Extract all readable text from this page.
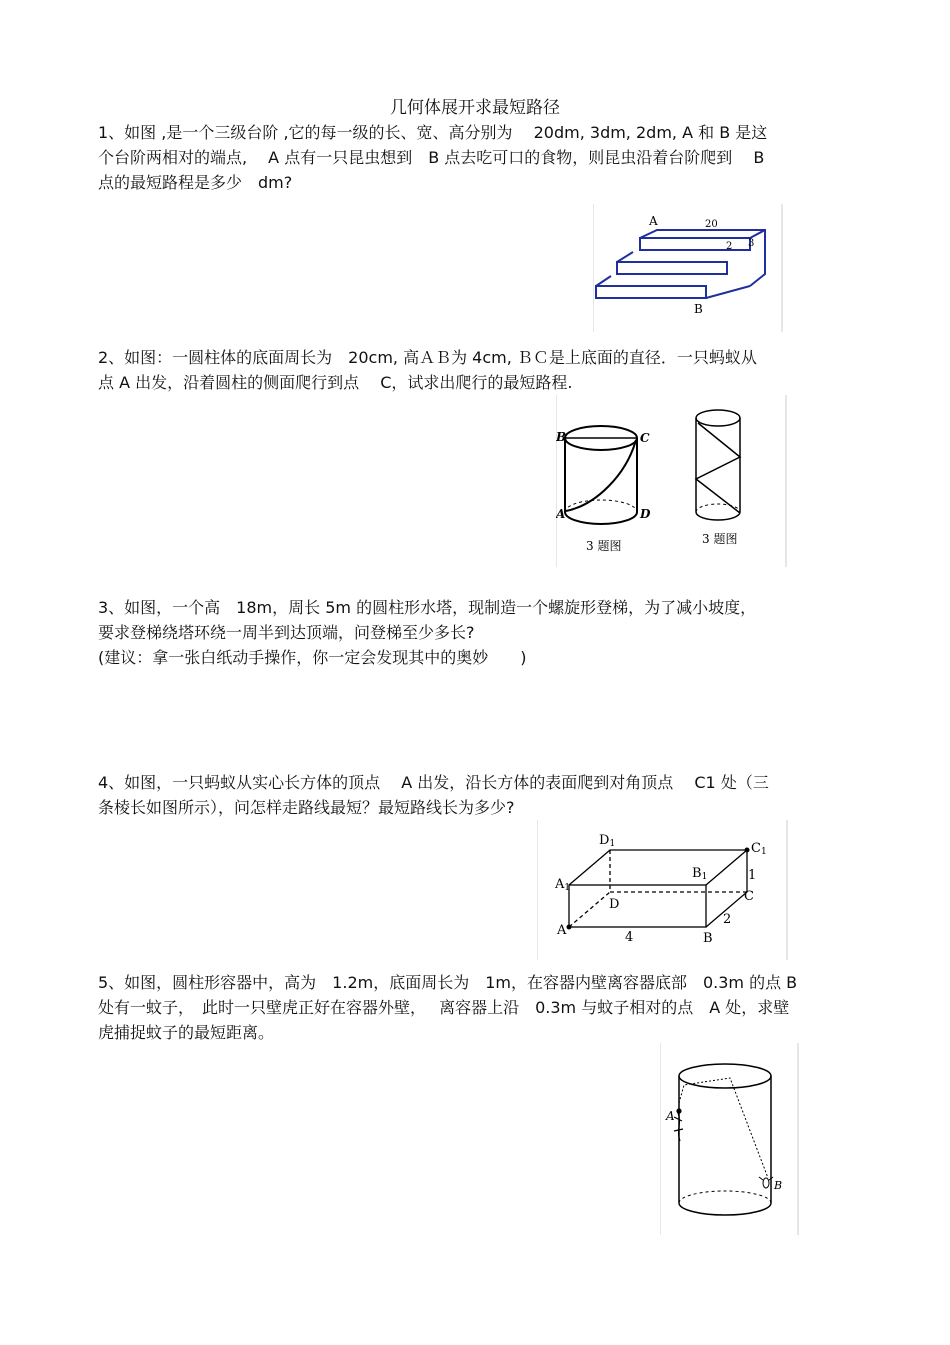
几何体展开求最短路径
1、如图 ,是一个三级台阶 ,它的每一级的长、宽、高分别为　 20dm, 3dm, 2dm, A 和 B 是这
个台阶两相对的端点,　 A 点有一只昆虫想到　B 点去吃可口的食物，则昆虫沿着台阶爬到　 B
点的最短路程是多少　dm?
A	20
2 3
B
2、如图：一圆柱体的底面周长为　20cm, 高ＡＢ为 4cm, ＢＣ是上底面的直径．一只蚂蚁从
点 A 出发，沿着圆柱的侧面爬行到点　 C，试求出爬行的最短路程.
B	C
A	D
3 题图	3 题图
3、如图，一个高　18m，周长 5m 的圆柱形水塔，现制造一个螺旋形登梯，为了减小坡度，
要求登梯绕塔环绕一周半到达顶端，问登梯至少多长?
(建议：拿一张白纸动手操作，你一定会发现其中的奥妙　　)
4、如图，一只蚂蚁从实心长方体的顶点　 A 出发，沿长方体的表面爬到对角顶点　 C1 处（三
条棱长如图所示），问怎样走路线最短？最短路线长为多少?
D1	C1
A1
B1
D
C
A
B
4
2
1
5、如图，圆柱形容器中，高为　1.2m，底面周长为　1m，在容器内壁离容器底部　0.3m 的点 B
处有一蚊子，　此时一只壁虎正好在容器外壁，　 离容器上沿　0.3m 与蚊子相对的点　A 处，求壁
虎捕捉蚊子的最短距离。
A
B
